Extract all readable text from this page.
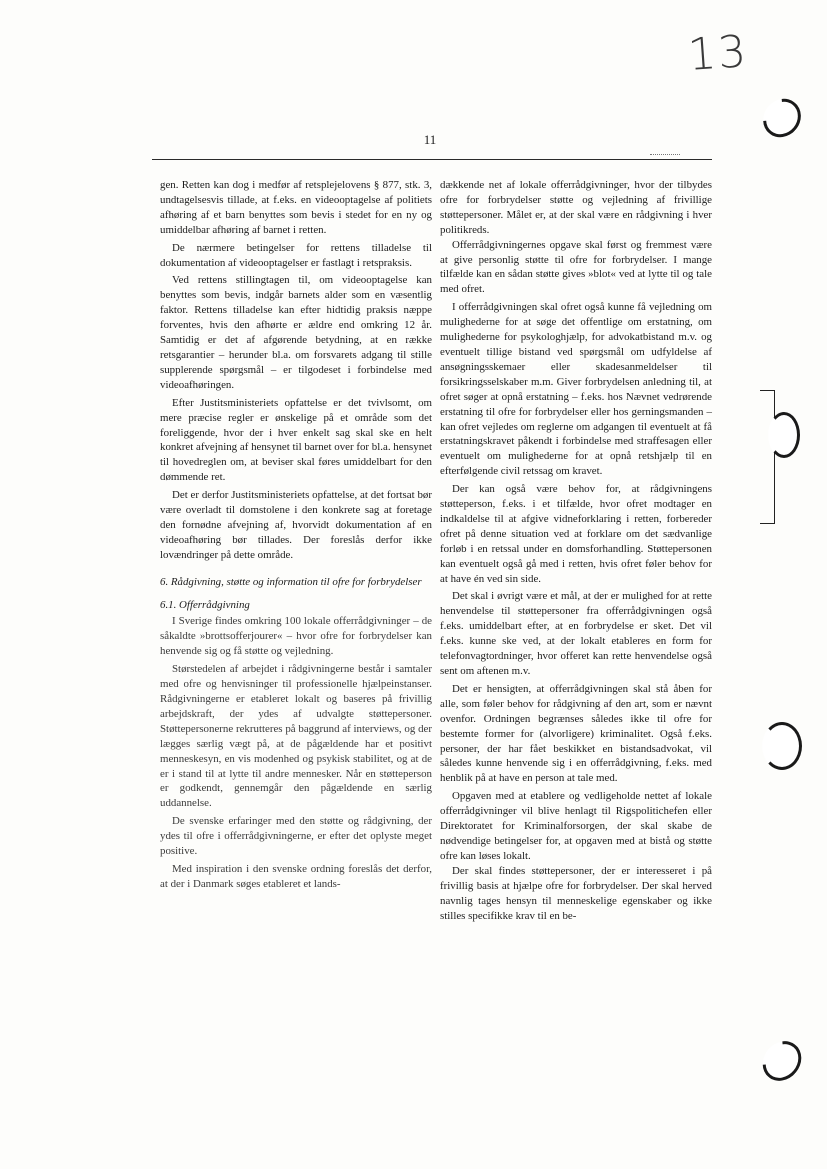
13
11

gen. Retten kan dog i medfør af retsplejelovens § 877, stk. 3, undtagelsesvis tillade, at f.eks. en videooptagelse af politiets afhøring af et barn benyttes som bevis i stedet for en ny og umiddelbar afhøring af barnet i retten.

De nærmere betingelser for rettens tilladelse til dokumentation af videooptagelser er fastlagt i retspraksis.

Ved rettens stillingtagen til, om videooptagelse kan benyttes som bevis, indgår barnets alder som en væsentlig faktor. Rettens tilladelse kan efter hidtidig praksis næppe forventes, hvis den afhørte er ældre end omkring 12 år. Samtidig er det af afgørende betydning, at en række retsgarantier – herunder bl.a. om forsvarets adgang til stille supplerende spørgsmål – er tilgodeset i forbindelse med videoafhøringen.

Efter Justitsministeriets opfattelse er det tvivlsomt, om mere præcise regler er ønskelige på et område som det foreliggende, hvor der i hver enkelt sag skal ske en helt konkret afvejning af hensynet til barnet over for bl.a. hensynet til hovedreglen om, at beviser skal føres umiddelbart for den dømmende ret.

Det er derfor Justitsministeriets opfattelse, at det fortsat bør være overladt til domstolene i den konkrete sag at foretage den fornødne afvejning af, hvorvidt dokumentation af en videoafhøring bør tillades. Der foreslås derfor ikke lovændringer på dette område.

6. Rådgivning, støtte og information til ofre for forbrydelser

6.1. Offerrådgivning

I Sverige findes omkring 100 lokale offerrådgivninger – de såkaldte »brottsofferjourer« – hvor ofre for forbrydelser kan henvende sig og få støtte og vejledning.

Størstedelen af arbejdet i rådgivningerne består i samtaler med ofre og henvisninger til professionelle hjælpeinstanser. Rådgivningerne er etableret lokalt og baseres på frivillig arbejdskraft, der ydes af udvalgte støttepersoner. Støttepersonerne rekrutteres på baggrund af interviews, og der lægges særlig vægt på, at de pågældende har et positivt menneskesyn, en vis modenhed og psykisk stabilitet, og at de er i stand til at lytte til andre mennesker. Når en støtteperson er godkendt, gennemgår den pågældende en særlig uddannelse.

De svenske erfaringer med den støtte og rådgivning, der ydes til ofre i offerrådgivningerne, er efter det oplyste meget positive.

Med inspiration i den svenske ordning foreslås det derfor, at der i Danmark søges etableret et lands-

dækkende net af lokale offerrådgivninger, hvor der tilbydes ofre for forbrydelser støtte og vejledning af frivillige støttepersoner. Målet er, at der skal være en rådgivning i hver politikreds.

Offerrådgivningernes opgave skal først og fremmest være at give personlig støtte til ofre for forbrydelser. I mange tilfælde kan en sådan støtte gives »blot« ved at lytte til og tale med ofret.

I offerrådgivningen skal ofret også kunne få vejledning om mulighederne for at søge det offentlige om erstatning, om mulighederne for psykologhjælp, for advokatbistand m.v. og eventuelt tillige bistand ved spørgsmål om udfyldelse af ansøgningsskemaer eller skadesanmeldelser til forsikringsselskaber m.m. Giver forbrydelsen anledning til, at ofret søger at opnå erstatning – f.eks. hos Nævnet vedrørende erstatning til ofre for forbrydelser eller hos gerningsmanden – kan ofret vejledes om reglerne om adgangen til eventuelt at få erstatningskravet påkendt i forbindelse med straffesagen eller eventuelt om mulighederne for at opnå retshjælp til en efterfølgende civil retssag om kravet.

Der kan også være behov for, at rådgivningens støtteperson, f.eks. i et tilfælde, hvor ofret modtager en indkaldelse til at afgive vidneforklaring i retten, forbereder ofret på denne situation ved at forklare om det sædvanlige forløb i en retssal under en domsforhandling. Støttepersonen kan eventuelt også gå med i retten, hvis ofret føler behov for at have én ved sin side.

Det skal i øvrigt være et mål, at der er mulighed for at rette henvendelse til støttepersoner fra offerrådgivningen også f.eks. umiddelbart efter, at en forbrydelse er sket. Det vil f.eks. kunne ske ved, at der lokalt etableres en form for telefonvagtordninger, hvor offeret kan rette henvendelse også sent om aftenen m.v.

Det er hensigten, at offerrådgivningen skal stå åben for alle, som føler behov for rådgivning af den art, som er nævnt ovenfor. Ordningen begrænses således ikke til ofre for bestemte former for (alvorligere) kriminalitet. Også f.eks. personer, der har fået beskikket en bistandsadvokat, vil således kunne henvende sig i en offerrådgivning, f.eks. med henblik på at have en person at tale med.

Opgaven med at etablere og vedligeholde nettet af lokale offerrådgivninger vil blive henlagt til Rigspolitichefen eller Direktoratet for Kriminalforsorgen, der skal skabe de nødvendige betingelser for, at opgaven med at bistå og støtte ofre kan løses lokalt.

Der skal findes støttepersoner, der er interesseret i på frivillig basis at hjælpe ofre for forbrydelser. Der skal herved navnlig tages hensyn til menneskelige egenskaber og ikke stilles specifikke krav til en be-
